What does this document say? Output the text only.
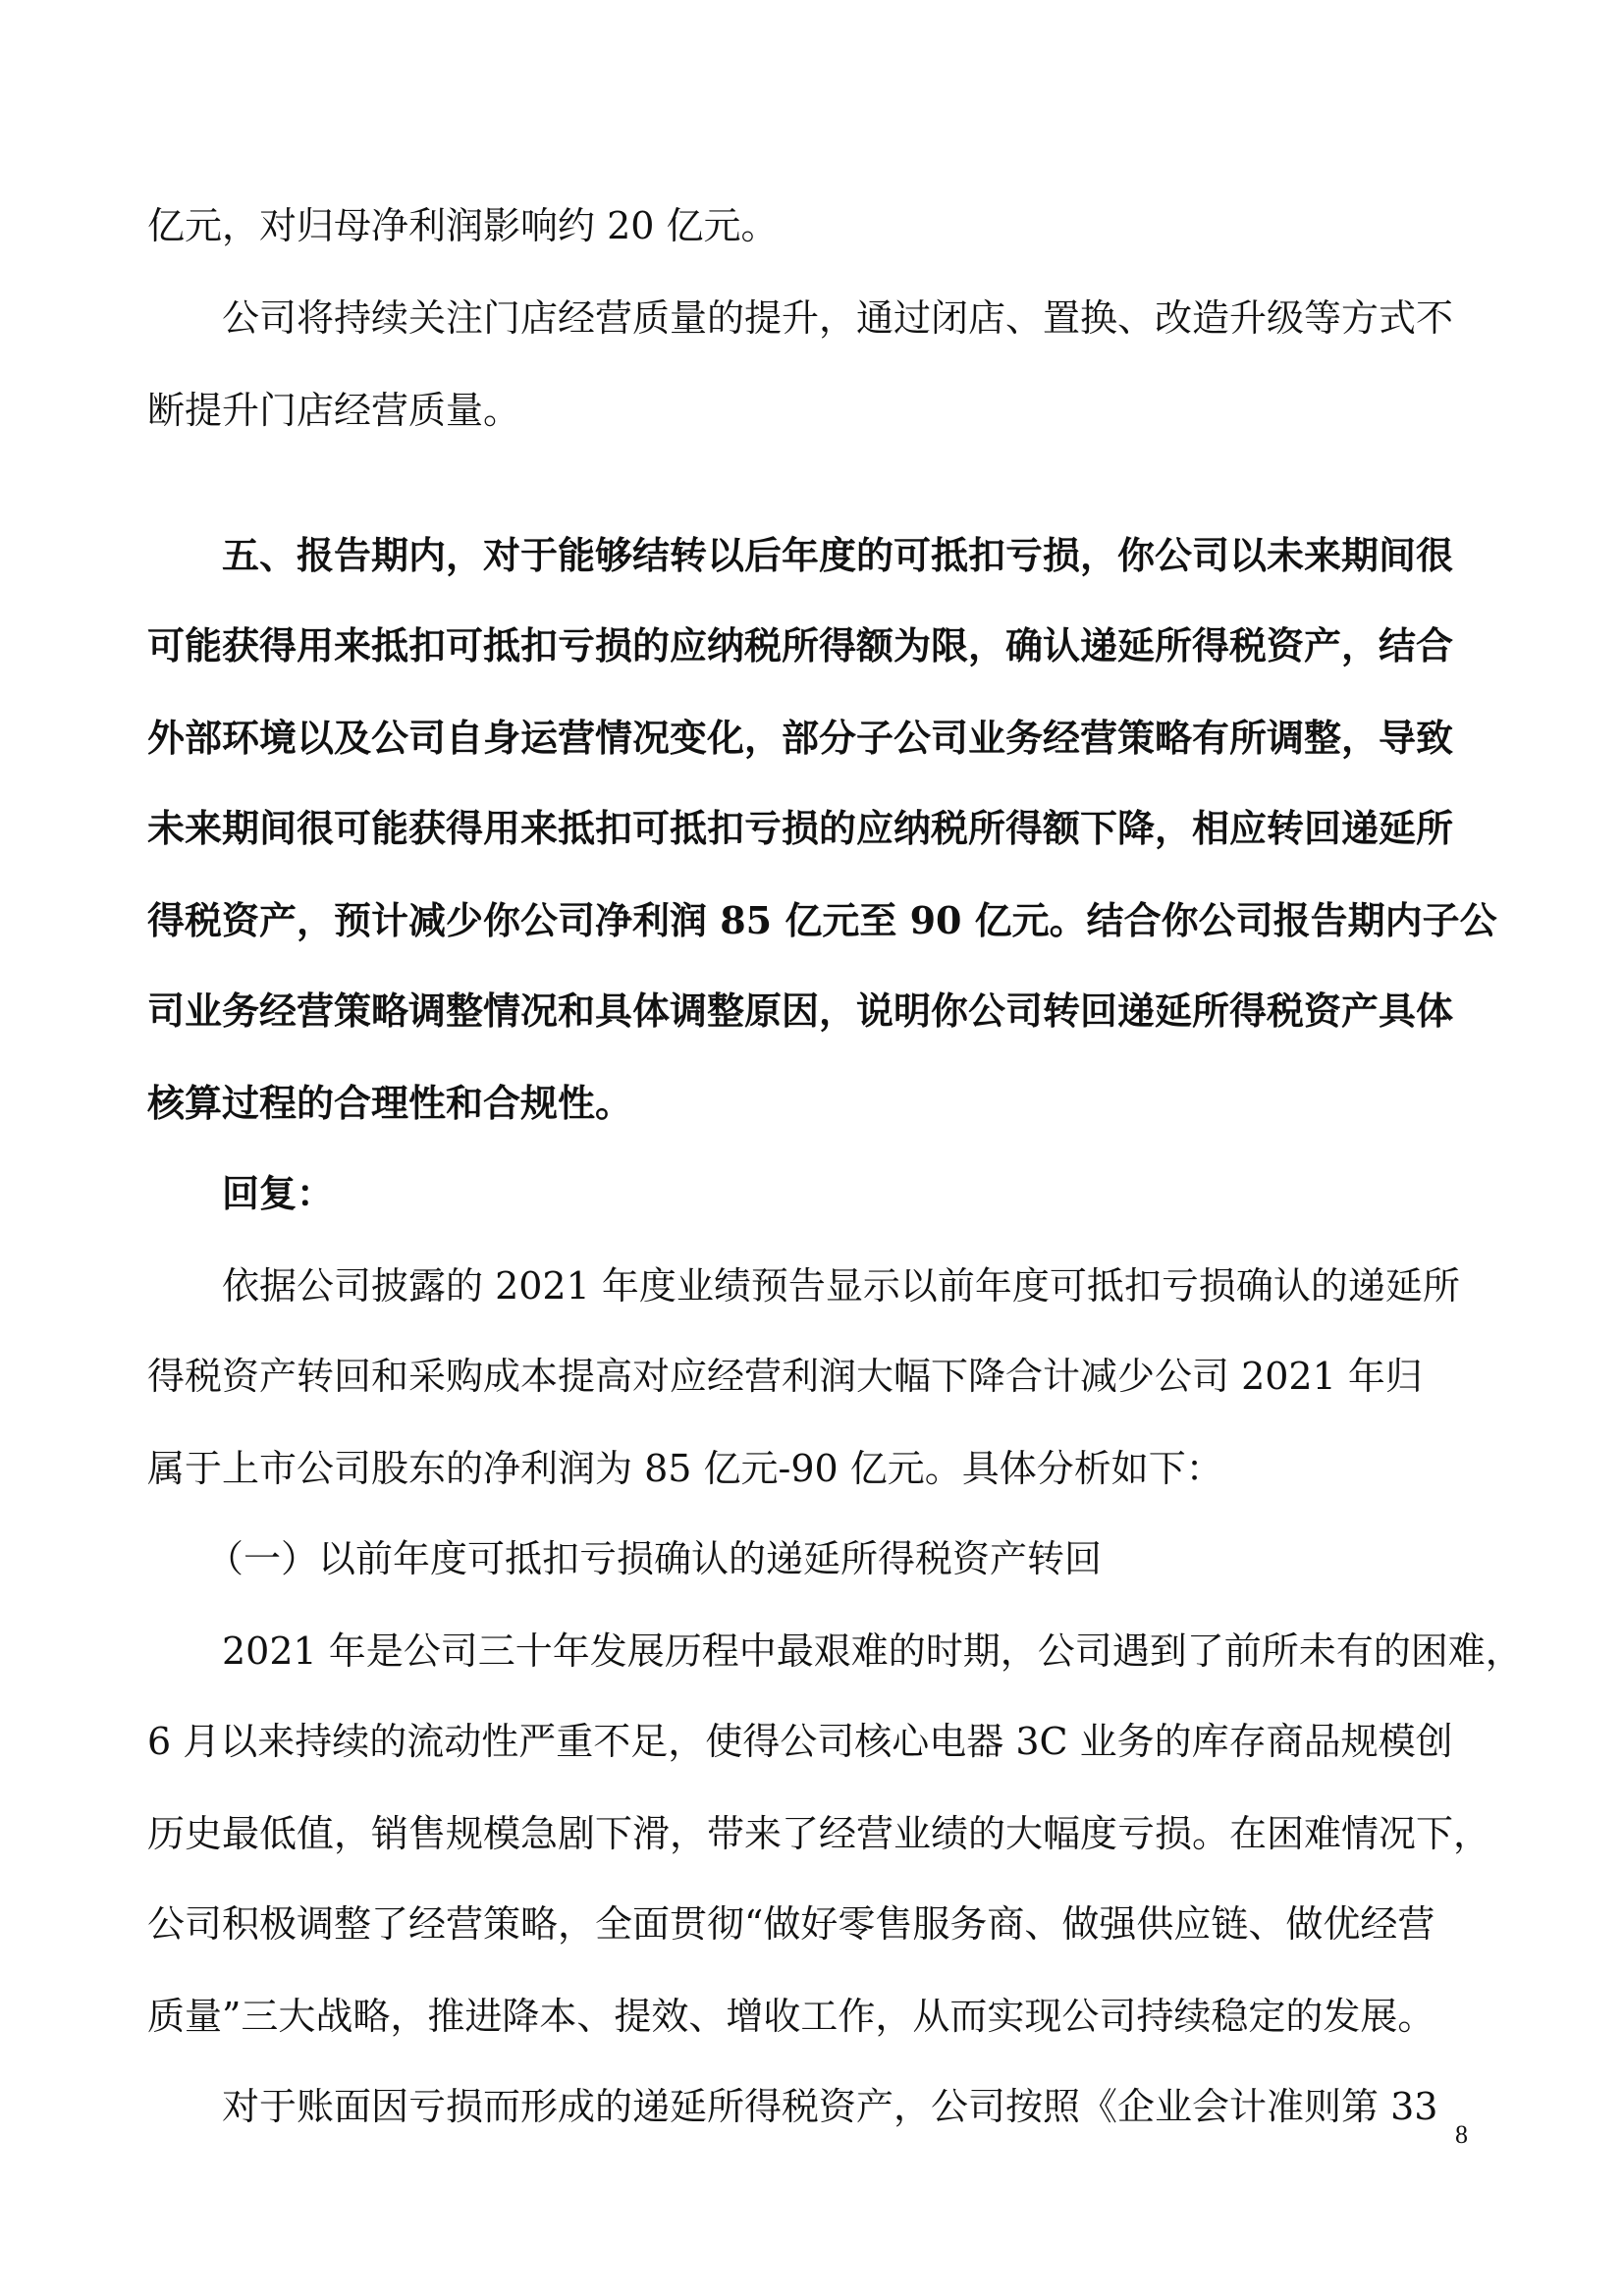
亿元，对归母净利润影响约 20 亿元。
公司将持续关注门店经营质量的提升，通过闭店、置换、改造升级等方式不
断提升门店经营质量。
五、报告期内，对于能够结转以后年度的可抵扣亏损，你公司以未来期间很
可能获得用来抵扣可抵扣亏损的应纳税所得额为限，确认递延所得税资产，结合
外部环境以及公司自身运营情况变化，部分子公司业务经营策略有所调整，导致
未来期间很可能获得用来抵扣可抵扣亏损的应纳税所得额下降，相应转回递延所
得税资产，预计减少你公司净利润 85 亿元至 90 亿元。结合你公司报告期内子公
司业务经营策略调整情况和具体调整原因，说明你公司转回递延所得税资产具体
核算过程的合理性和合规性。
回复：
依据公司披露的 2021 年度业绩预告显示以前年度可抵扣亏损确认的递延所
得税资产转回和采购成本提高对应经营利润大幅下降合计减少公司 2021 年归
属于上市公司股东的净利润为 85 亿元-90 亿元。具体分析如下：
（一）以前年度可抵扣亏损确认的递延所得税资产转回
2021 年是公司三十年发展历程中最艰难的时期，公司遇到了前所未有的困难，
6 月以来持续的流动性严重不足，使得公司核心电器 3C 业务的库存商品规模创
历史最低值，销售规模急剧下滑，带来了经营业绩的大幅度亏损。在困难情况下，
公司积极调整了经营策略，全面贯彻“做好零售服务商、做强供应链、做优经营
质量”三大战略，推进降本、提效、增收工作，从而实现公司持续稳定的发展。
对于账面因亏损而形成的递延所得税资产，公司按照《企业会计准则第 33
8
